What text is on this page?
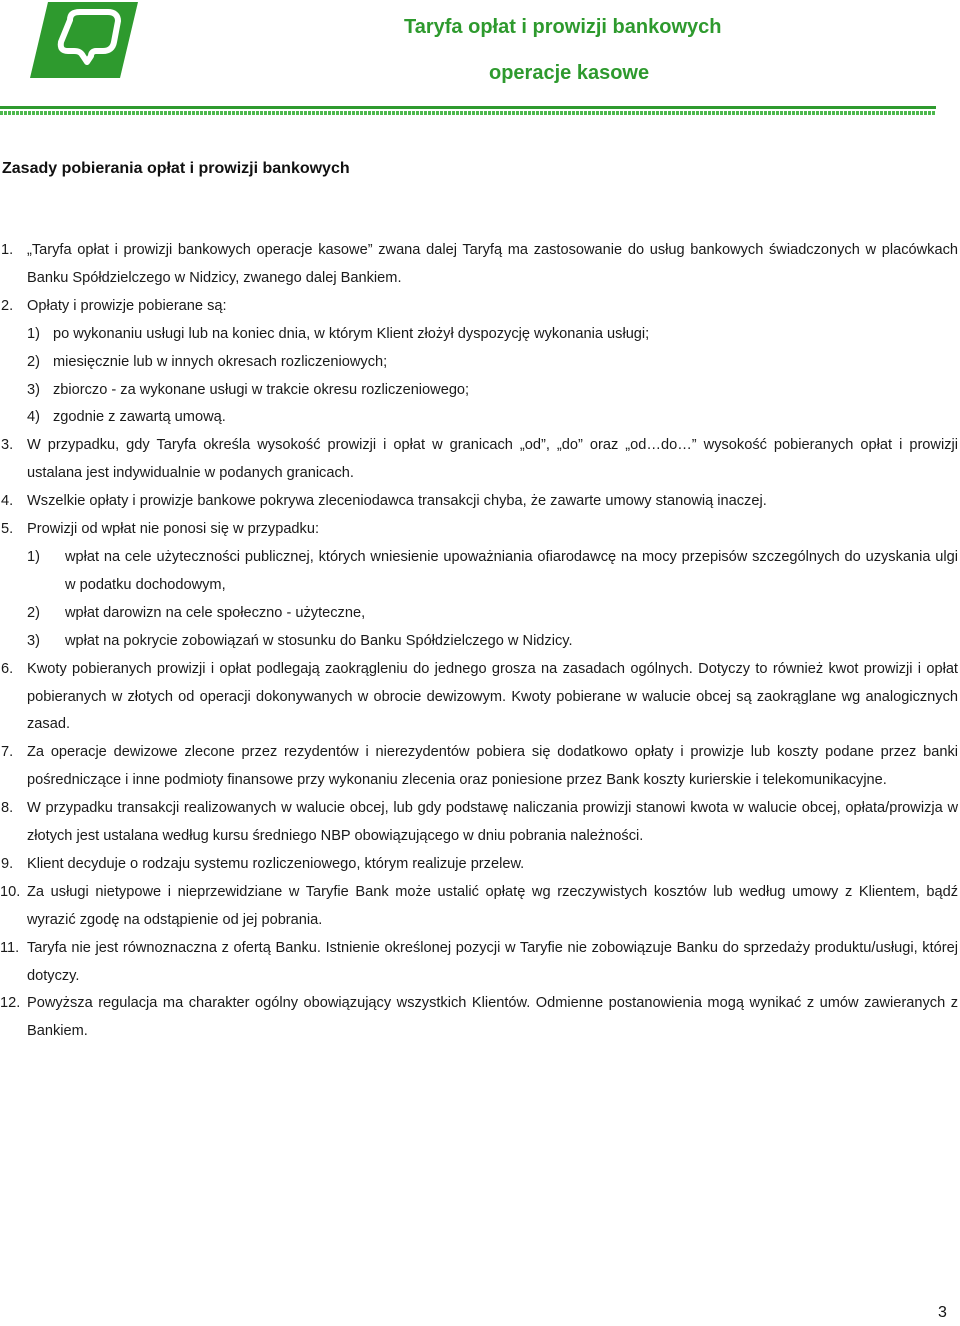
Taryfa opłat i prowizji bankowych
operacje kasowe
Zasady pobierania opłat i prowizji bankowych
1. „Taryfa opłat i prowizji bankowych operacje kasowe” zwana dalej Taryfą ma zastosowanie do usług bankowych świadczonych w placówkach Banku Spółdzielczego w Nidzicy, zwanego dalej Bankiem.
2. Opłaty i prowizje pobierane są:
1) po wykonaniu usługi lub na koniec dnia, w którym Klient złożył dyspozycję wykonania usługi;
2) miesięcznie lub w innych okresach rozliczeniowych;
3) zbiorczo - za wykonane usługi w trakcie okresu rozliczeniowego;
4) zgodnie z zawartą umową.
3. W przypadku, gdy Taryfa określa wysokość prowizji i opłat w granicach „od”, „do” oraz „od…do…” wysokość pobieranych opłat i prowizji ustalana jest indywidualnie w podanych granicach.
4. Wszelkie opłaty i prowizje bankowe pokrywa zleceniodawca transakcji chyba, że zawarte umowy stanowią inaczej.
5. Prowizji od wpłat nie ponosi się w przypadku:
1) wpłat na cele użyteczności publicznej, których wniesienie upoważniania ofiarodawcę na mocy przepisów szczególnych do uzyskania ulgi w podatku dochodowym,
2) wpłat darowizn na cele społeczno - użyteczne,
3) wpłat na pokrycie zobowiązań w stosunku do Banku Spółdzielczego w Nidzicy.
6. Kwoty pobieranych prowizji i opłat podlegają zaokrągleniu do jednego grosza na zasadach ogólnych. Dotyczy to również kwot prowizji i opłat pobieranych w złotych od operacji dokonywanych w obrocie dewizowym. Kwoty pobierane w walucie obcej są zaokrąglane wg analogicznych zasad.
7. Za operacje dewizowe zlecone przez rezydentów i nierezydentów pobiera się dodatkowo opłaty i prowizje lub koszty podane przez banki pośredniczące i inne podmioty finansowe przy wykonaniu zlecenia oraz poniesione przez Bank koszty kurierskie i telekomunikacyjne.
8. W przypadku transakcji realizowanych w walucie obcej, lub gdy podstawę naliczania prowizji stanowi kwota w walucie obcej, opłata/prowizja w złotych jest ustalana według kursu średniego NBP obowiązującego w dniu pobrania należności.
9. Klient decyduje o rodzaju systemu rozliczeniowego, którym realizuje przelew.
10. Za usługi nietypowe i nieprzewidziane w Taryfie Bank może ustalić opłatę wg rzeczywistych kosztów lub według umowy z Klientem, bądź wyrazić zgodę na odstąpienie od jej pobrania.
11. Taryfa nie jest równoznaczna z ofertą Banku. Istnienie określonej pozycji w Taryfie nie zobowiązuje Banku do sprzedaży produktu/usługi, której dotyczy.
12. Powyższa regulacja ma charakter ogólny obowiązujący wszystkich Klientów. Odmienne postanowienia mogą wynikać z umów zawieranych z Bankiem.
3
